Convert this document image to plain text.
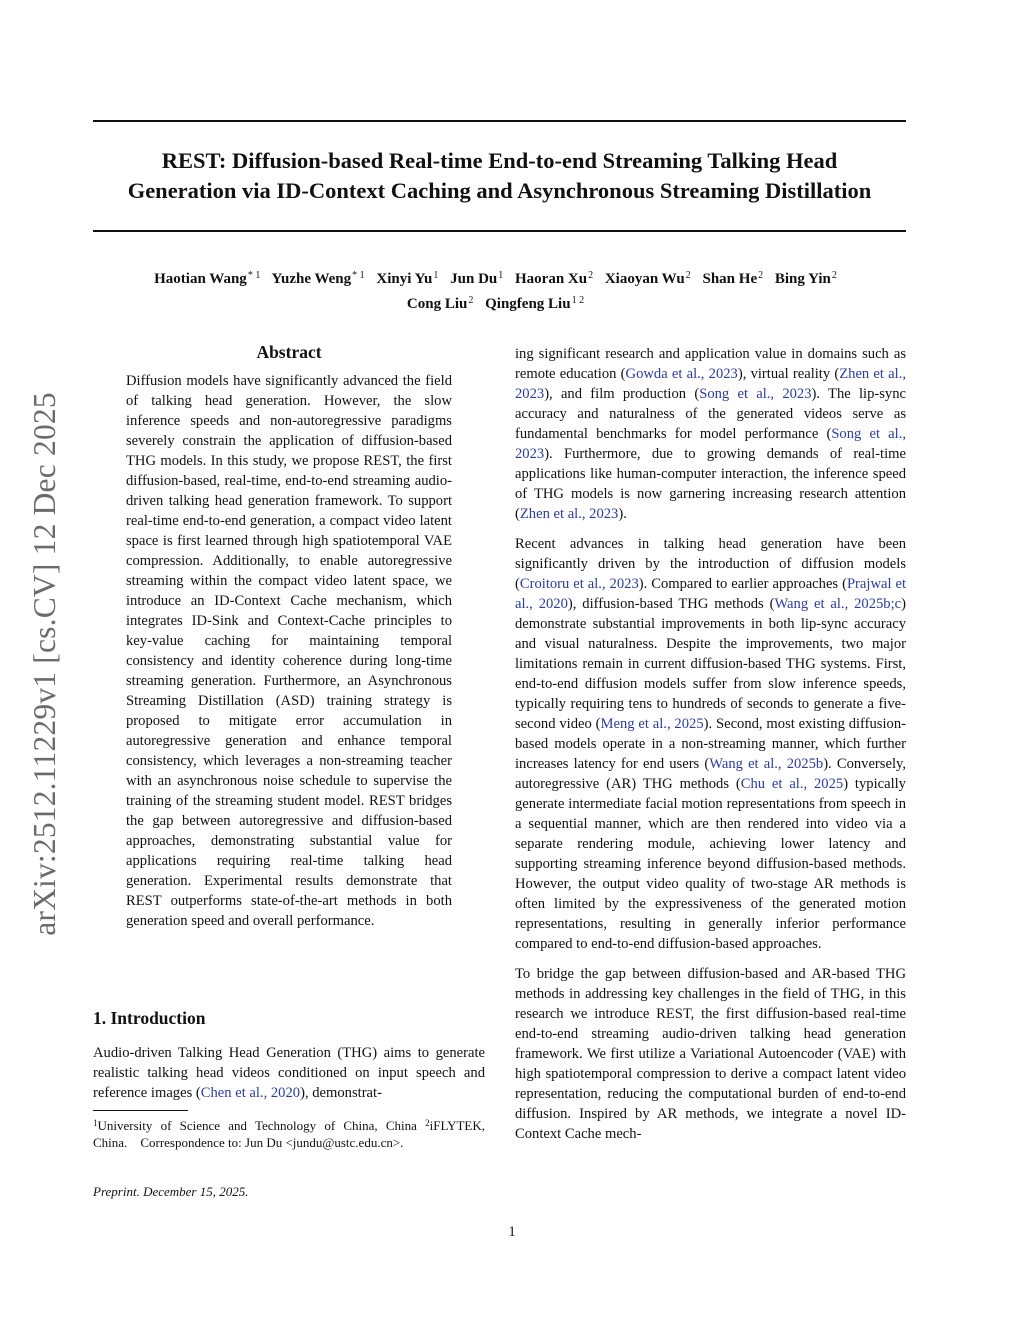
REST: Diffusion-based Real-time End-to-end Streaming Talking Head
Generation via ID-Context Caching and Asynchronous Streaming Distillation
Haotian Wang$^{* 1}$ Yuzhe Weng$^{* 1}$ Xinyi Yu$^1$ Jun Du$^1$ Haoran Xu$^2$ Xiaoyan Wu$^2$ Shan He$^2$ Bing Yin$^2$
Cong Liu$^2$ Qingfeng Liu$^{1 2}$
arXiv:2512.11229v1 [cs.CV] 12 Dec 2025
Abstract

Diffusion models have significantly advanced the field of talking head generation. However, the slow inference speeds and non-autoregressive paradigms severely constrain the application of diffusion-based THG models. In this study, we propose REST, the first diffusion-based, real-time, end-to-end streaming audio-driven talking head generation framework. To support real-time end-to-end generation, a compact video latent space is first learned through high spatiotemporal VAE compression. Additionally, to enable autoregressive streaming within the compact video latent space, we introduce an ID-Context Cache mechanism, which integrates ID-Sink and Context-Cache principles to key-value caching for maintaining temporal consistency and identity coherence during long-time streaming generation. Furthermore, an Asynchronous Streaming Distillation (ASD) training strategy is proposed to mitigate error accumulation in autoregressive generation and enhance temporal consistency, which leverages a non-streaming teacher with an asynchronous noise schedule to supervise the training of the streaming student model. REST bridges the gap between autoregressive and diffusion-based approaches, demonstrating substantial value for applications requiring real-time talking head generation. Experimental results demonstrate that REST outperforms state-of-the-art methods in both generation speed and overall performance.

1. Introduction
Audio-driven Talking Head Generation (THG) aims to generate realistic talking head videos conditioned on input speech and reference images (Chen et al., 2020), demonstrat-
$^1$University of Science and Technology of China, China $^2$iFLYTEK, China. Correspondence to: Jun Du <jundu@ustc.edu.cn>.
Preprint. December 15, 2025.

ing significant research and application value in domains such as remote education (Gowda et al., 2023), virtual reality (Zhen et al., 2023), and film production (Song et al., 2023). The lip-sync accuracy and naturalness of the generated videos serve as fundamental benchmarks for model performance (Song et al., 2023). Furthermore, due to growing demands of real-time applications like human-computer interaction, the inference speed of THG models is now garnering increasing research attention (Zhen et al., 2023).

Recent advances in talking head generation have been significantly driven by the introduction of diffusion models (Croitoru et al., 2023). Compared to earlier approaches (Prajwal et al., 2020), diffusion-based THG methods (Wang et al., 2025b;c) demonstrate substantial improvements in both lip-sync accuracy and visual naturalness. Despite the improvements, two major limitations remain in current diffusion-based THG systems. First, end-to-end diffusion models suffer from slow inference speeds, typically requiring tens to hundreds of seconds to generate a five-second video (Meng et al., 2025). Second, most existing diffusion-based models operate in a non-streaming manner, which further increases latency for end users (Wang et al., 2025b). Conversely, autoregressive (AR) THG methods (Chu et al., 2025) typically generate intermediate facial motion representations from speech in a sequential manner, which are then rendered into video via a separate rendering module, achieving lower latency and supporting streaming inference beyond diffusion-based methods. However, the output video quality of two-stage AR methods is often limited by the expressiveness of the generated motion representations, resulting in generally inferior performance compared to end-to-end diffusion-based approaches.

To bridge the gap between diffusion-based and AR-based THG methods in addressing key challenges in the field of THG, in this research we introduce REST, the first diffusion-based real-time end-to-end streaming audio-driven talking head generation framework. We first utilize a Variational Autoencoder (VAE) with high spatiotemporal compression to derive a compact latent video representation, reducing the computational burden of end-to-end diffusion. Inspired by AR methods, we integrate a novel ID-Context Cache mech-

1
